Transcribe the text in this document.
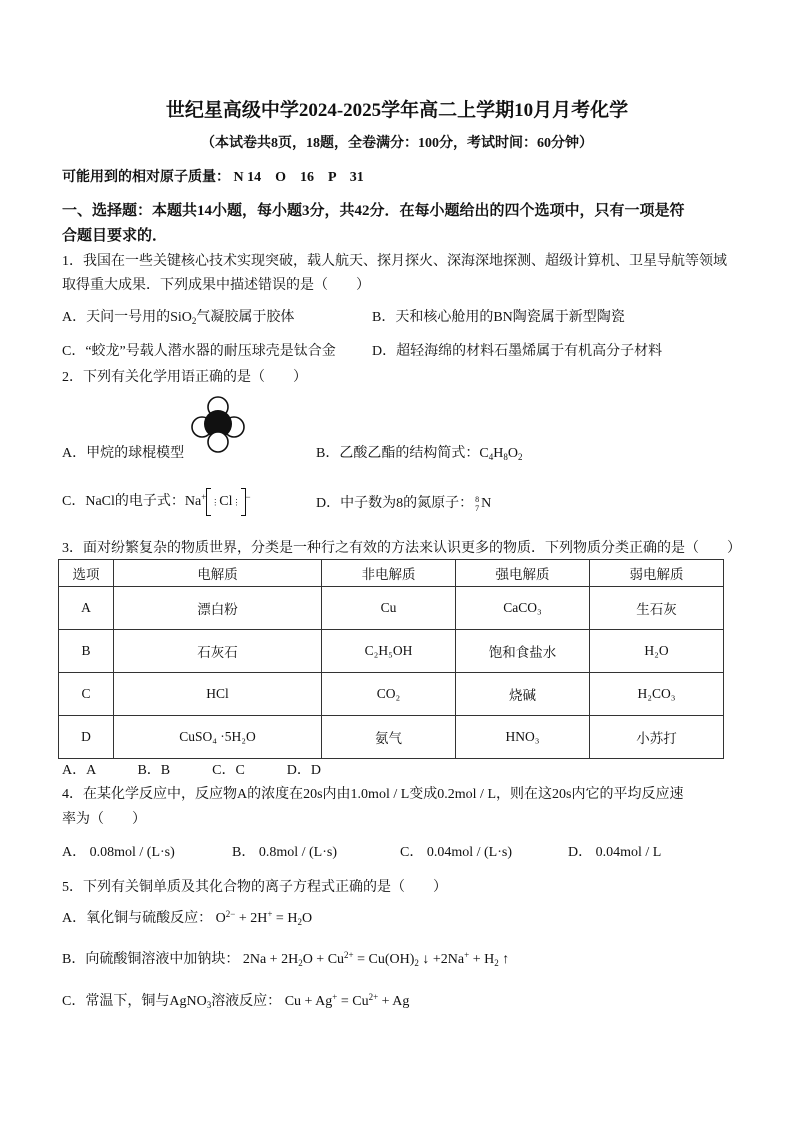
世纪星高级中学2024-2025学年高二上学期10月月考化学
（本试卷共8页，18题，全卷满分：100分，考试时间：60分钟）
可能用到的相对原子质量： N 14　O　16　P　31
一、选择题：本题共14小题，每小题3分，共42分．在每小题给出的四个选项中，只有一项是符
合题目要求的．
1．我国在一些关键核心技术实现突破，载人航天、探月探火、深海深地探测、超级计算机、卫星导航等领域
取得重大成果．下列成果中描述错误的是（　　）
A．天问一号用的SiO$_2$气凝胶属于胶体	B．天和核心舱用的BN陶瓷属于新型陶瓷
C．“蛟龙”号载人潜水器的耐压球壳是钛合金	D．超轻海绵的材料石墨烯属于有机高分子材料
2．下列有关化学用语正确的是（　　）
A．甲烷的球棍模型	B．乙酸乙酯的结构简式：$C_4H_8O_2$
C．NaCl的电子式：Na+⋮Cl⋮−	D．中子数为8的氮原子： 8
7 N
3．面对纷繁复杂的物质世界，分类是一种行之有效的方法来认识更多的物质．下列物质分类正确的是（　　）
选项	电解质	非电解质	强电解质	弱电解质
A	漂白粉	Cu	CaCO₃	生石灰
B	石灰石	C₂H₅OH	饱和食盐水	H₂O
C	HCl	CO₂	烧碱	H₂CO₃
D	CuSO₄ ·5H₂O	氨气	HNO₃	小苏打
A．A　　　B．B　　　C．C　　　D．D
4．在某化学反应中，反应物A的浓度在20s内由1.0mol / L变成0.2mol / L，则在这20s内它的平均反应速
率为（　　）
A． 0.08mol / (L·s)	B． 0.8mol / (L·s)	C． 0.04mol / (L·s)	D． 0.04mol / L
5．下列有关铜单质及其化合物的离子方程式正确的是（　　）
A．氧化铜与硫酸反应： $O^{2-} + 2H^+ = H_2O$
B．向硫酸铜溶液中加钠块： $2Na + 2H_2O + Cu^{2+} = Cu(OH)_2$ ↓ $+2Na^+ + H_2$ ↑
C．常温下，铜与AgNO$_3$溶液反应： $Cu + Ag^+ = Cu^{2+} + Ag$
